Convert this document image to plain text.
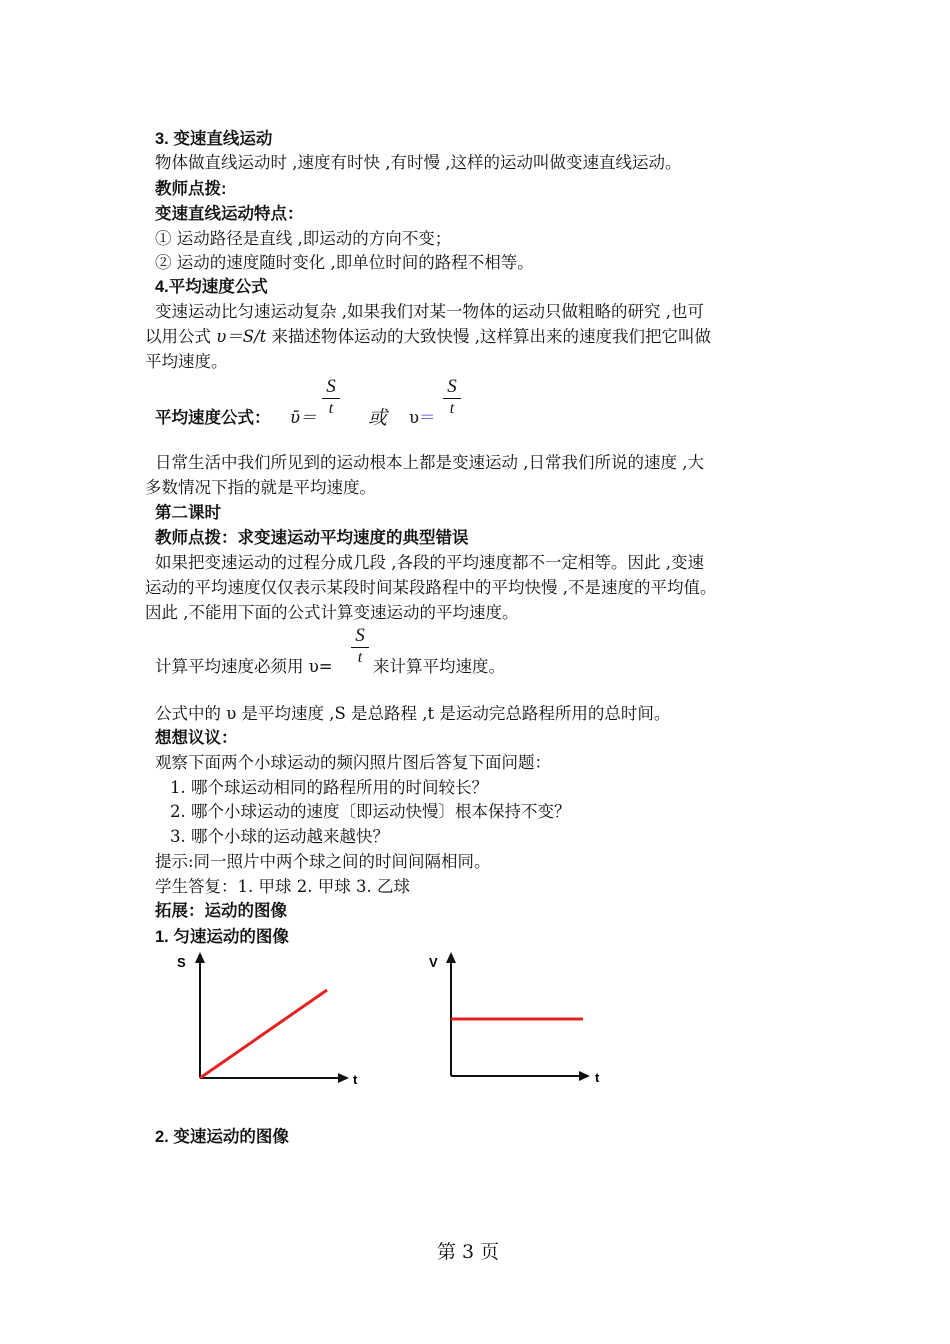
3. 变速直线运动
物体做直线运动时 ,速度有时快 ,有时慢 ,这样的运动叫做变速直线运动。
教师点拨:
变速直线运动特点：
① 运动路径是直线 ,即运动的方向不变；
② 运动的速度随时变化 ,即单位时间的路程不相等。
4.平均速度公式
变速运动比匀速运动复杂 ,如果我们对某一物体的运动只做粗略的研究 ,也可
以用公式 υ＝S/t 来描述物体运动的大致快慢 ,这样算出来的速度我们把它叫做
平均速度。
平均速度公式： ῡ＝
S
t	或 υ＝
S
t
日常生活中我们所见到的运动根本上都是变速运动 ,日常我们所说的速度 ,大
多数情况下指的就是平均速度。
第二课时
教师点拨：求变速运动平均速度的典型错误
如果把变速运动的过程分成几段 ,各段的平均速度都不一定相等。因此 ,变速
运动的平均速度仅仅表示某段时间某段路程中的平均快慢 ,不是速度的平均值。
因此 ,不能用下面的公式计算变速运动的平均速度。
计算平均速度必须用 υ=
S
t 来计算平均速度。
公式中的 υ 是平均速度 ,S 是总路程 ,t 是运动完总路程所用的总时间。
想想议议：
观察下面两个小球运动的频闪照片图后答复下面问题：
1. 哪个球运动相同的路程所用的时间较长？
2. 哪个小球运动的速度〔即运动快慢〕根本保持不变？
3. 哪个小球的运动越来越快？
提示:同一照片中两个球之间的时间间隔相同。
学生答复：1. 甲球 2. 甲球 3. 乙球
拓展：运动的图像
1. 匀速运动的图像
S
t
V
t
2. 变速运动的图像
第 3 页
